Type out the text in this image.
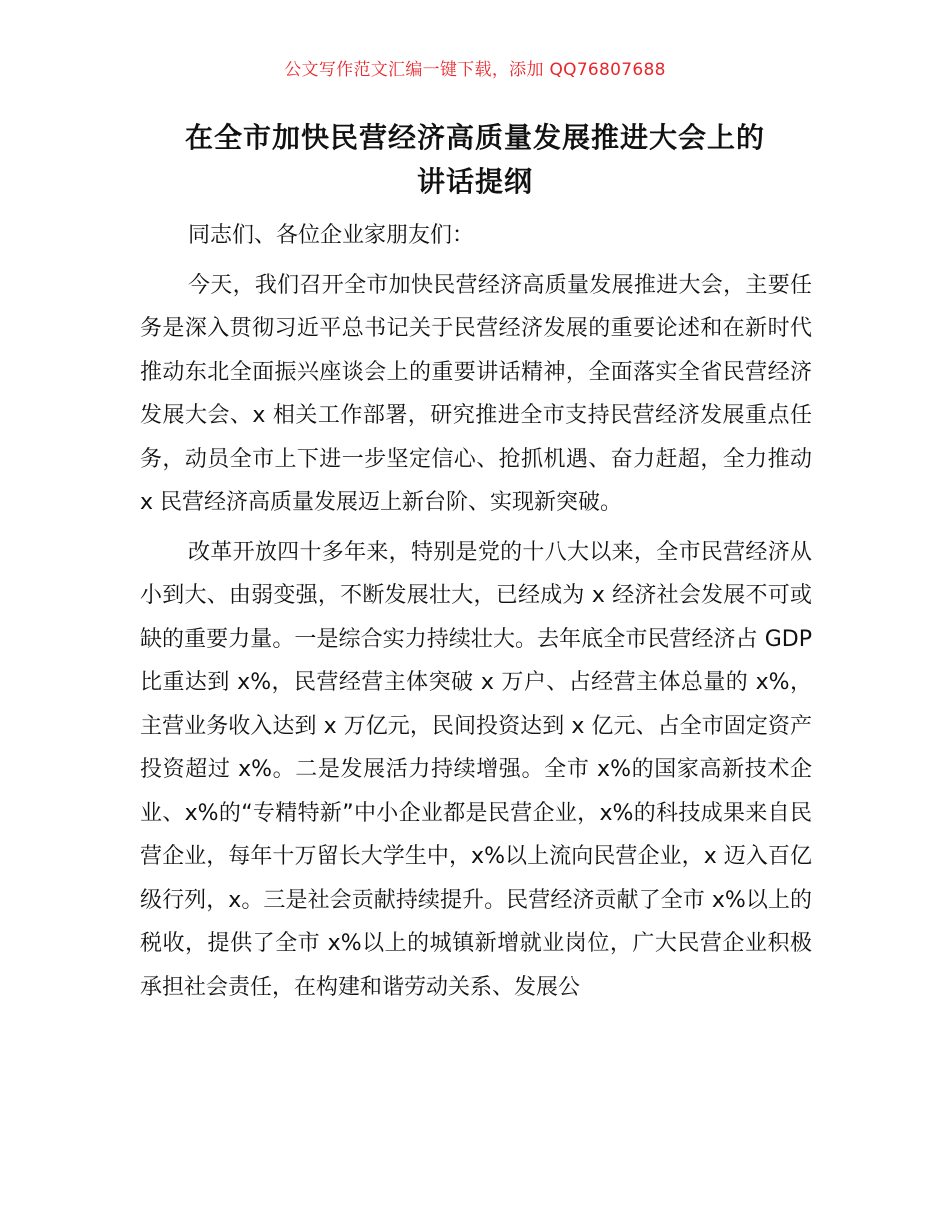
公文写作范文汇编一键下载，添加 QQ76807688
在全市加快民营经济高质量发展推进大会上的
讲话提纲

同志们、各位企业家朋友们：

今天，我们召开全市加快民营经济高质量发展推进大会，主要任务是深入贯彻习近平总书记关于民营经济发展的重要论述和在新时代推动东北全面振兴座谈会上的重要讲话精神，全面落实全省民营经济发展大会、x 相关工作部署，研究推进全市支持民营经济发展重点任务，动员全市上下进一步坚定信心、抢抓机遇、奋力赶超，全力推动 x 民营经济高质量发展迈上新台阶、实现新突破。

改革开放四十多年来，特别是党的十八大以来，全市民营经济从小到大、由弱变强，不断发展壮大，已经成为 x 经济社会发展不可或缺的重要力量。一是综合实力持续壮大。去年底全市民营经济占 GDP 比重达到 x%，民营经营主体突破 x 万户、占经营主体总量的 x%，主营业务收入达到 x 万亿元，民间投资达到 x 亿元、占全市固定资产投资超过 x%。二是发展活力持续增强。全市 x%的国家高新技术企业、x%的“专精特新”中小企业都是民营企业，x%的科技成果来自民营企业，每年十万留长大学生中，x%以上流向民营企业，x 迈入百亿级行列，x。三是社会贡献持续提升。民营经济贡献了全市 x%以上的税收，提供了全市 x%以上的城镇新增就业岗位，广大民营企业积极承担社会责任，在构建和谐劳动关系、发展公
